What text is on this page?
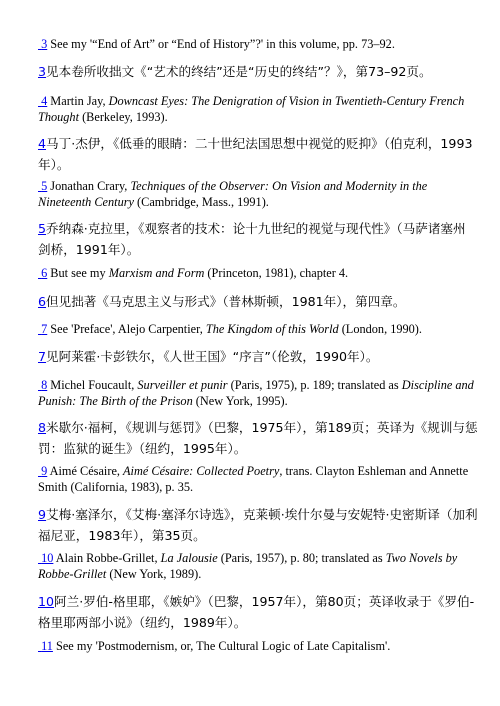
3 See my '“End of Art” or “End of History”?' in this volume, pp. 73–92.
3见本卷所收拙文《“艺术的终结”还是“历史的终结”？》，第73–92页。
4 Martin Jay, Downcast Eyes: The Denigration of Vision in Twentieth-Century French Thought (Berkeley, 1993).
4马丁·杰伊，《低垂的眼睛：二十世纪法国思想中视觉的贬抑》（伯克利，1993年）。
5 Jonathan Crary, Techniques of the Observer: On Vision and Modernity in the Nineteenth Century (Cambridge, Mass., 1991).
5乔纳森·克拉里，《观察者的技术：论十九世纪的视觉与现代性》（马萨诸塞州剑桥，1991年）。
6 But see my Marxism and Form (Princeton, 1981), chapter 4.
6但见拙著《马克思主义与形式》（普林斯顿，1981年），第四章。
7 See 'Preface', Alejo Carpentier, The Kingdom of this World (London, 1990).
7见阿莱霍·卡彭铁尔，《人世王国》“序言”（伦敦，1990年）。
8 Michel Foucault, Surveiller et punir (Paris, 1975), p. 189; translated as Discipline and Punish: The Birth of the Prison (New York, 1995).
8米歇尔·福柯，《规训与惩罚》（巴黎，1975年），第189页；英译为《规训与惩罚：监狱的诞生》（纽约，1995年）。
9 Aimé Césaire, Aimé Césaire: Collected Poetry, trans. Clayton Eshleman and Annette Smith (California, 1983), p. 35.
9艾梅·塞泽尔，《艾梅·塞泽尔诗选》，克莱顿·埃什尔曼与安妮特·史密斯译（加利福尼亚，1983年），第35页。
10 Alain Robbe-Grillet, La Jalousie (Paris, 1957), p. 80; translated as Two Novels by Robbe-Grillet (New York, 1989).
10阿兰·罗伯-格里耶，《嫉妒》（巴黎，1957年），第80页；英译收录于《罗伯-格里耶两部小说》（纽约，1989年）。
11 See my 'Postmodernism, or, The Cultural Logic of Late Capitalism'.
